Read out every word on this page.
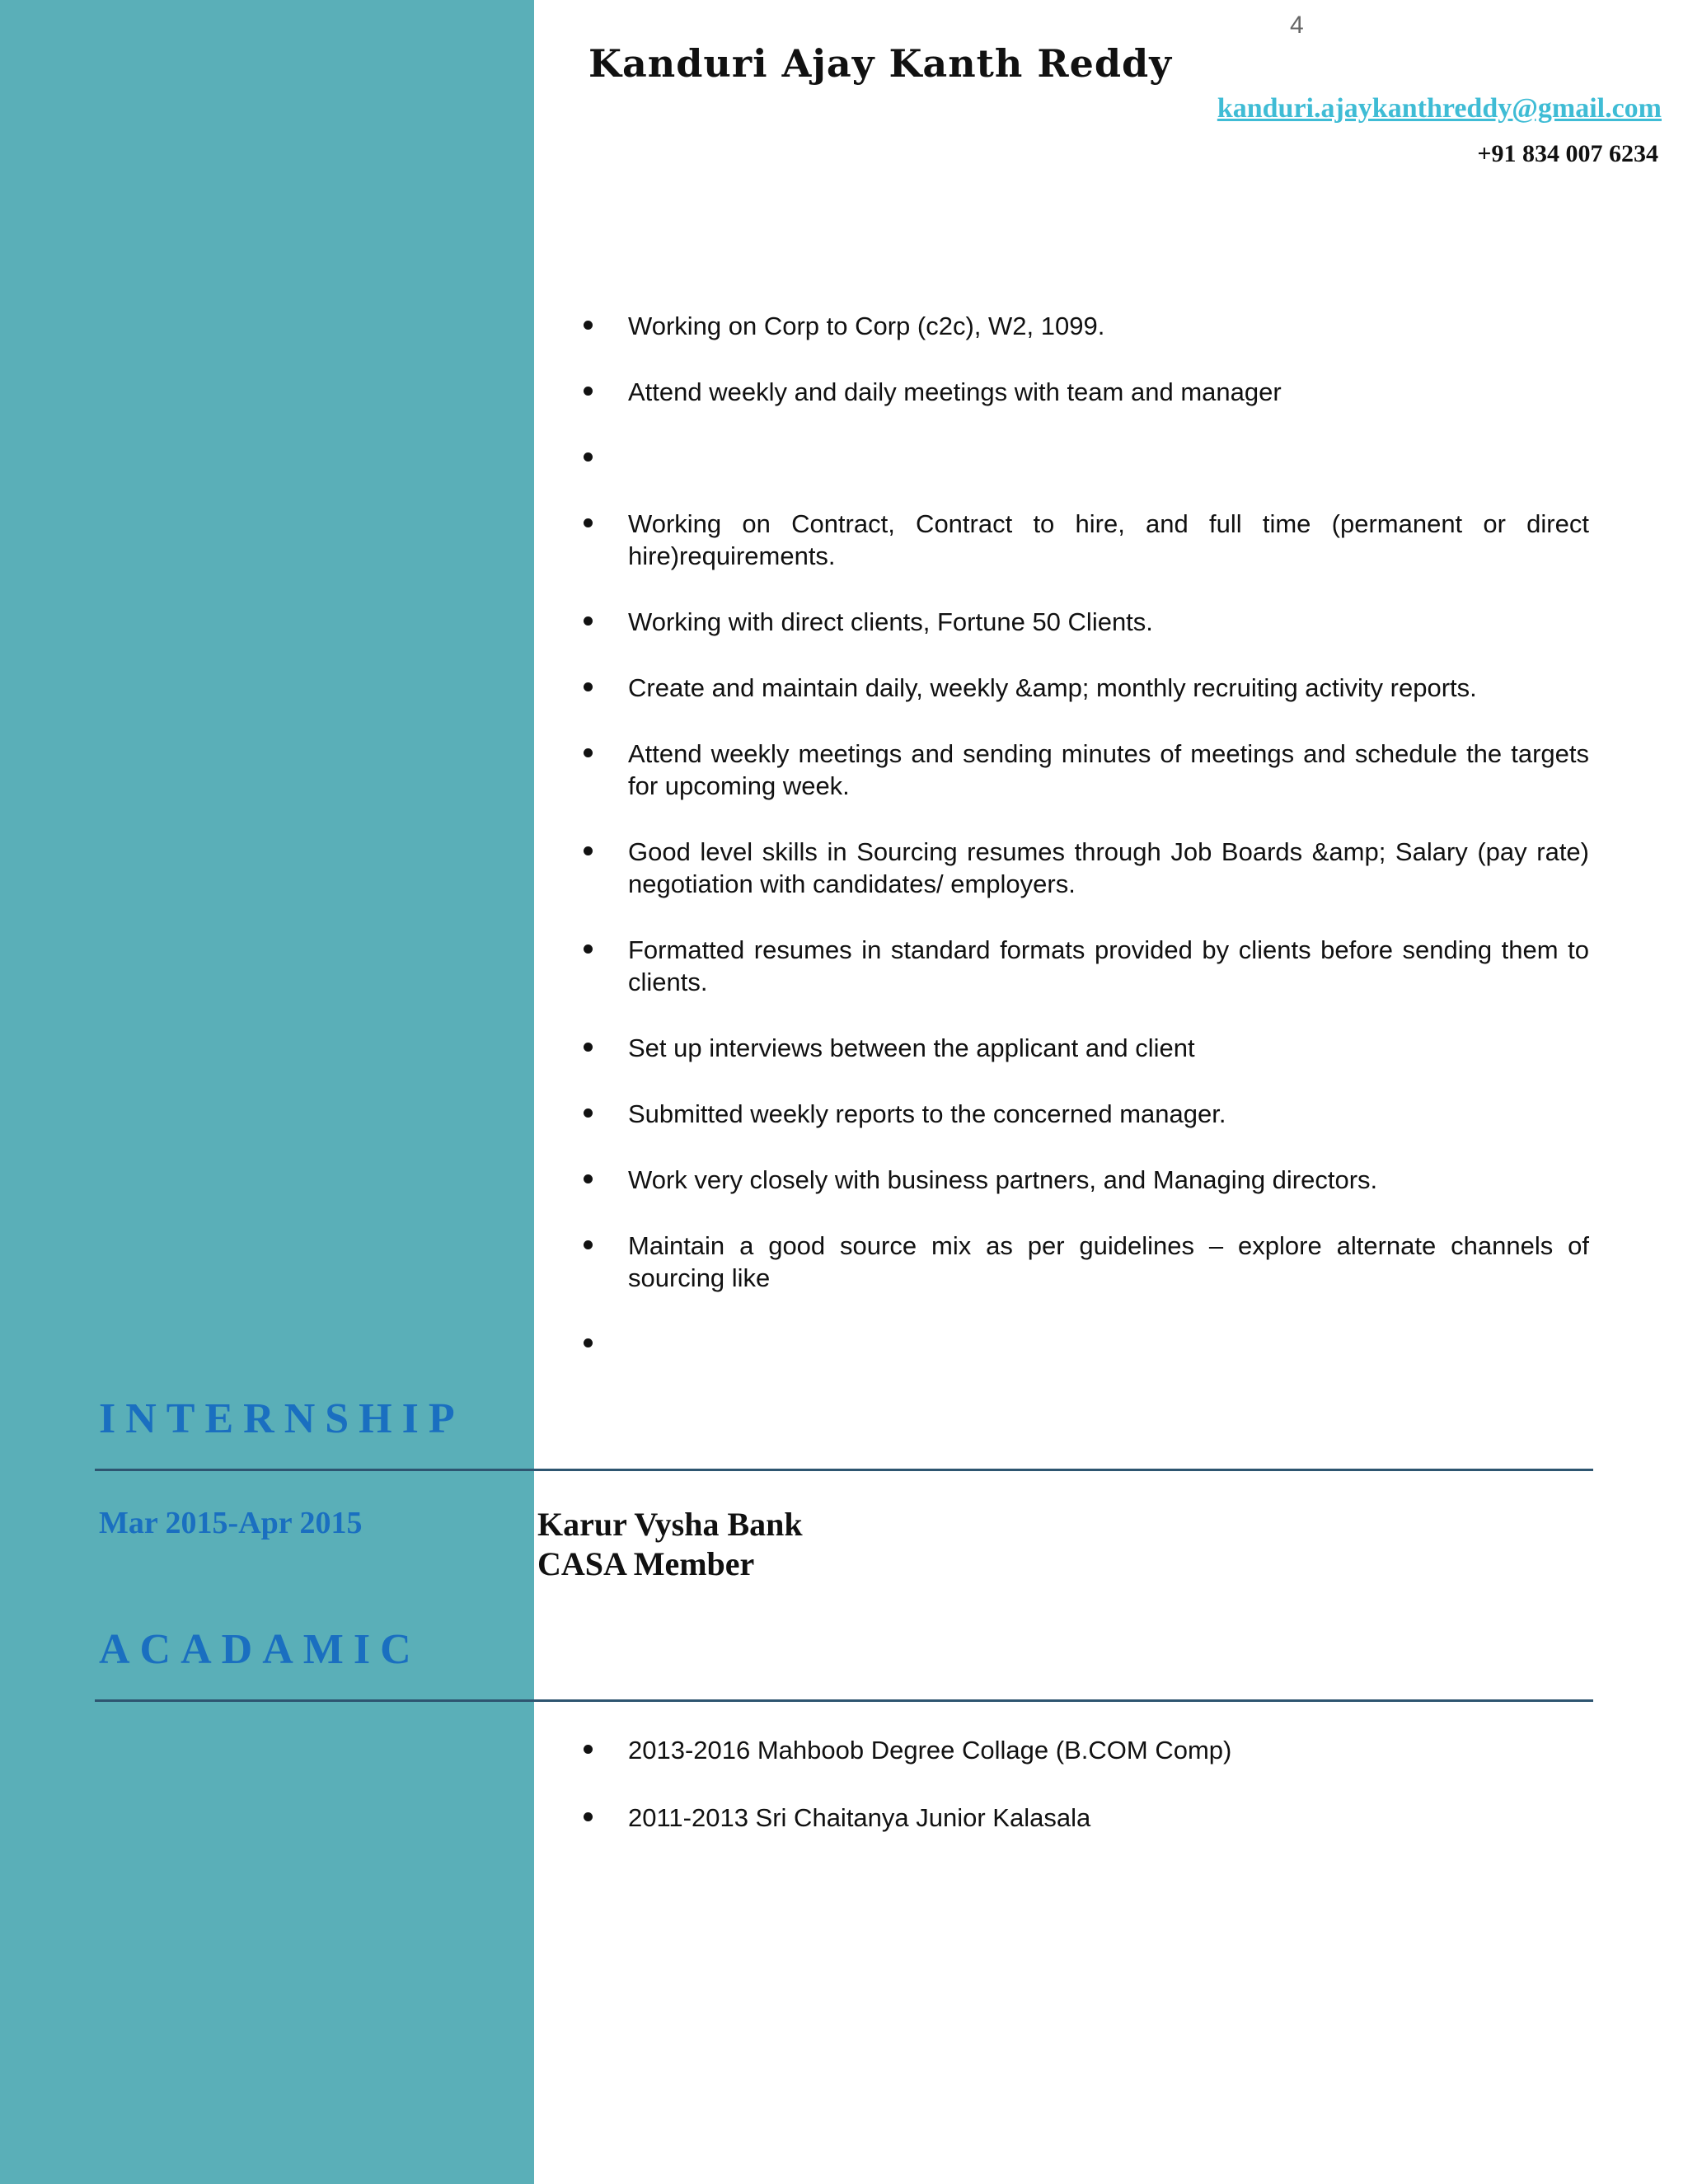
4
Kanduri Ajay Kanth Reddy
kanduri.ajaykanthreddy@gmail.com
+91 834 007 6234
Working on Corp to Corp (c2c), W2, 1099.
Attend weekly and daily meetings with team and manager
Working on Contract, Contract to hire, and full time (permanent or direct hire)requirements.
Working with direct clients, Fortune 50 Clients.
Create and maintain daily, weekly &amp; monthly recruiting activity reports.
Attend weekly meetings and sending minutes of meetings and schedule the targets for upcoming week.
Good level skills in Sourcing resumes through Job Boards &amp; Salary (pay rate) negotiation with candidates/ employers.
Formatted resumes in standard formats provided by clients before sending them to clients.
Set up interviews between the applicant and client
Submitted weekly reports to the concerned manager.
Work very closely with business partners, and Managing directors.
Maintain a good source mix as per guidelines – explore alternate channels of sourcing like
INTERNSHIP
Mar 2015-Apr 2015	Karur Vysha Bank
CASA Member
ACADAMIC
2013-2016 Mahboob Degree Collage (B.COM Comp)
2011-2013 Sri Chaitanya Junior Kalasala
